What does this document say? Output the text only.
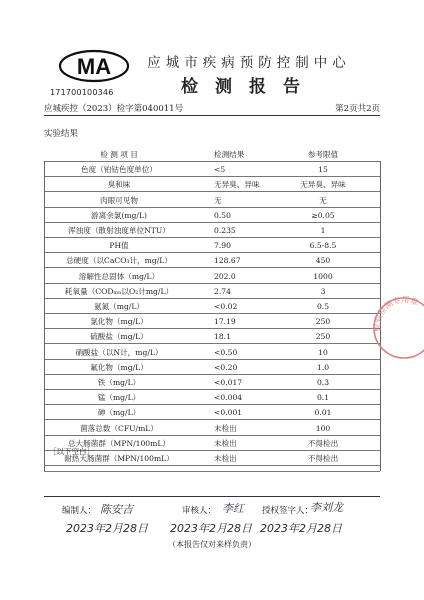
MA
171700100346
应城市疾病预防控制中心
检测报告
应城疾控（2023）检字第040011号	第2页共2页
实验结果
检 测 项 目	检测结果	参考限值
色度（铂钴色度单位）	<5	15
臭和味	无异臭、异味	无异臭、异味
肉眼可见物	无	无
游离余氯(mg/L)	0.50	≥0.05
浑浊度（散射浊度单位NTU）	0.235	1
PH值	7.90	6.5-8.5
总硬度（以CaCO₃计，mg/L）	128.67	450
溶解性总固体（mg/L）	202.0	1000
耗氧量（CODₘₙ以O₂计mg/L）	2.74	3
氨氮（mg/L）	<0.02	0.5
氯化物（mg/L）	17.19	250
硫酸盐（mg/L）	18.1	250
硝酸盐（以N计，mg/L）	<0.50	10
氟化物（mg/L）	<0.20	1.0
铁（mg/L）	<0.017	0.3
锰（mg/L）	<0.004	0.1
砷（mg/L）	<0.001	0.01
菌落总数（CFU/mL）	未检出	100
总大肠菌群（MPN/100mL）	未检出	不得检出
耐热大肠菌群（MPN/100mL）	未检出	不得检出
［以下空白］
编制人： 陈安吉
2023年2月28日
审核人： 李红
2023年2月28日
授权签字人：
李刘龙
2023年2月28日
（本报告仅对来样负责）
检验检测专用章
